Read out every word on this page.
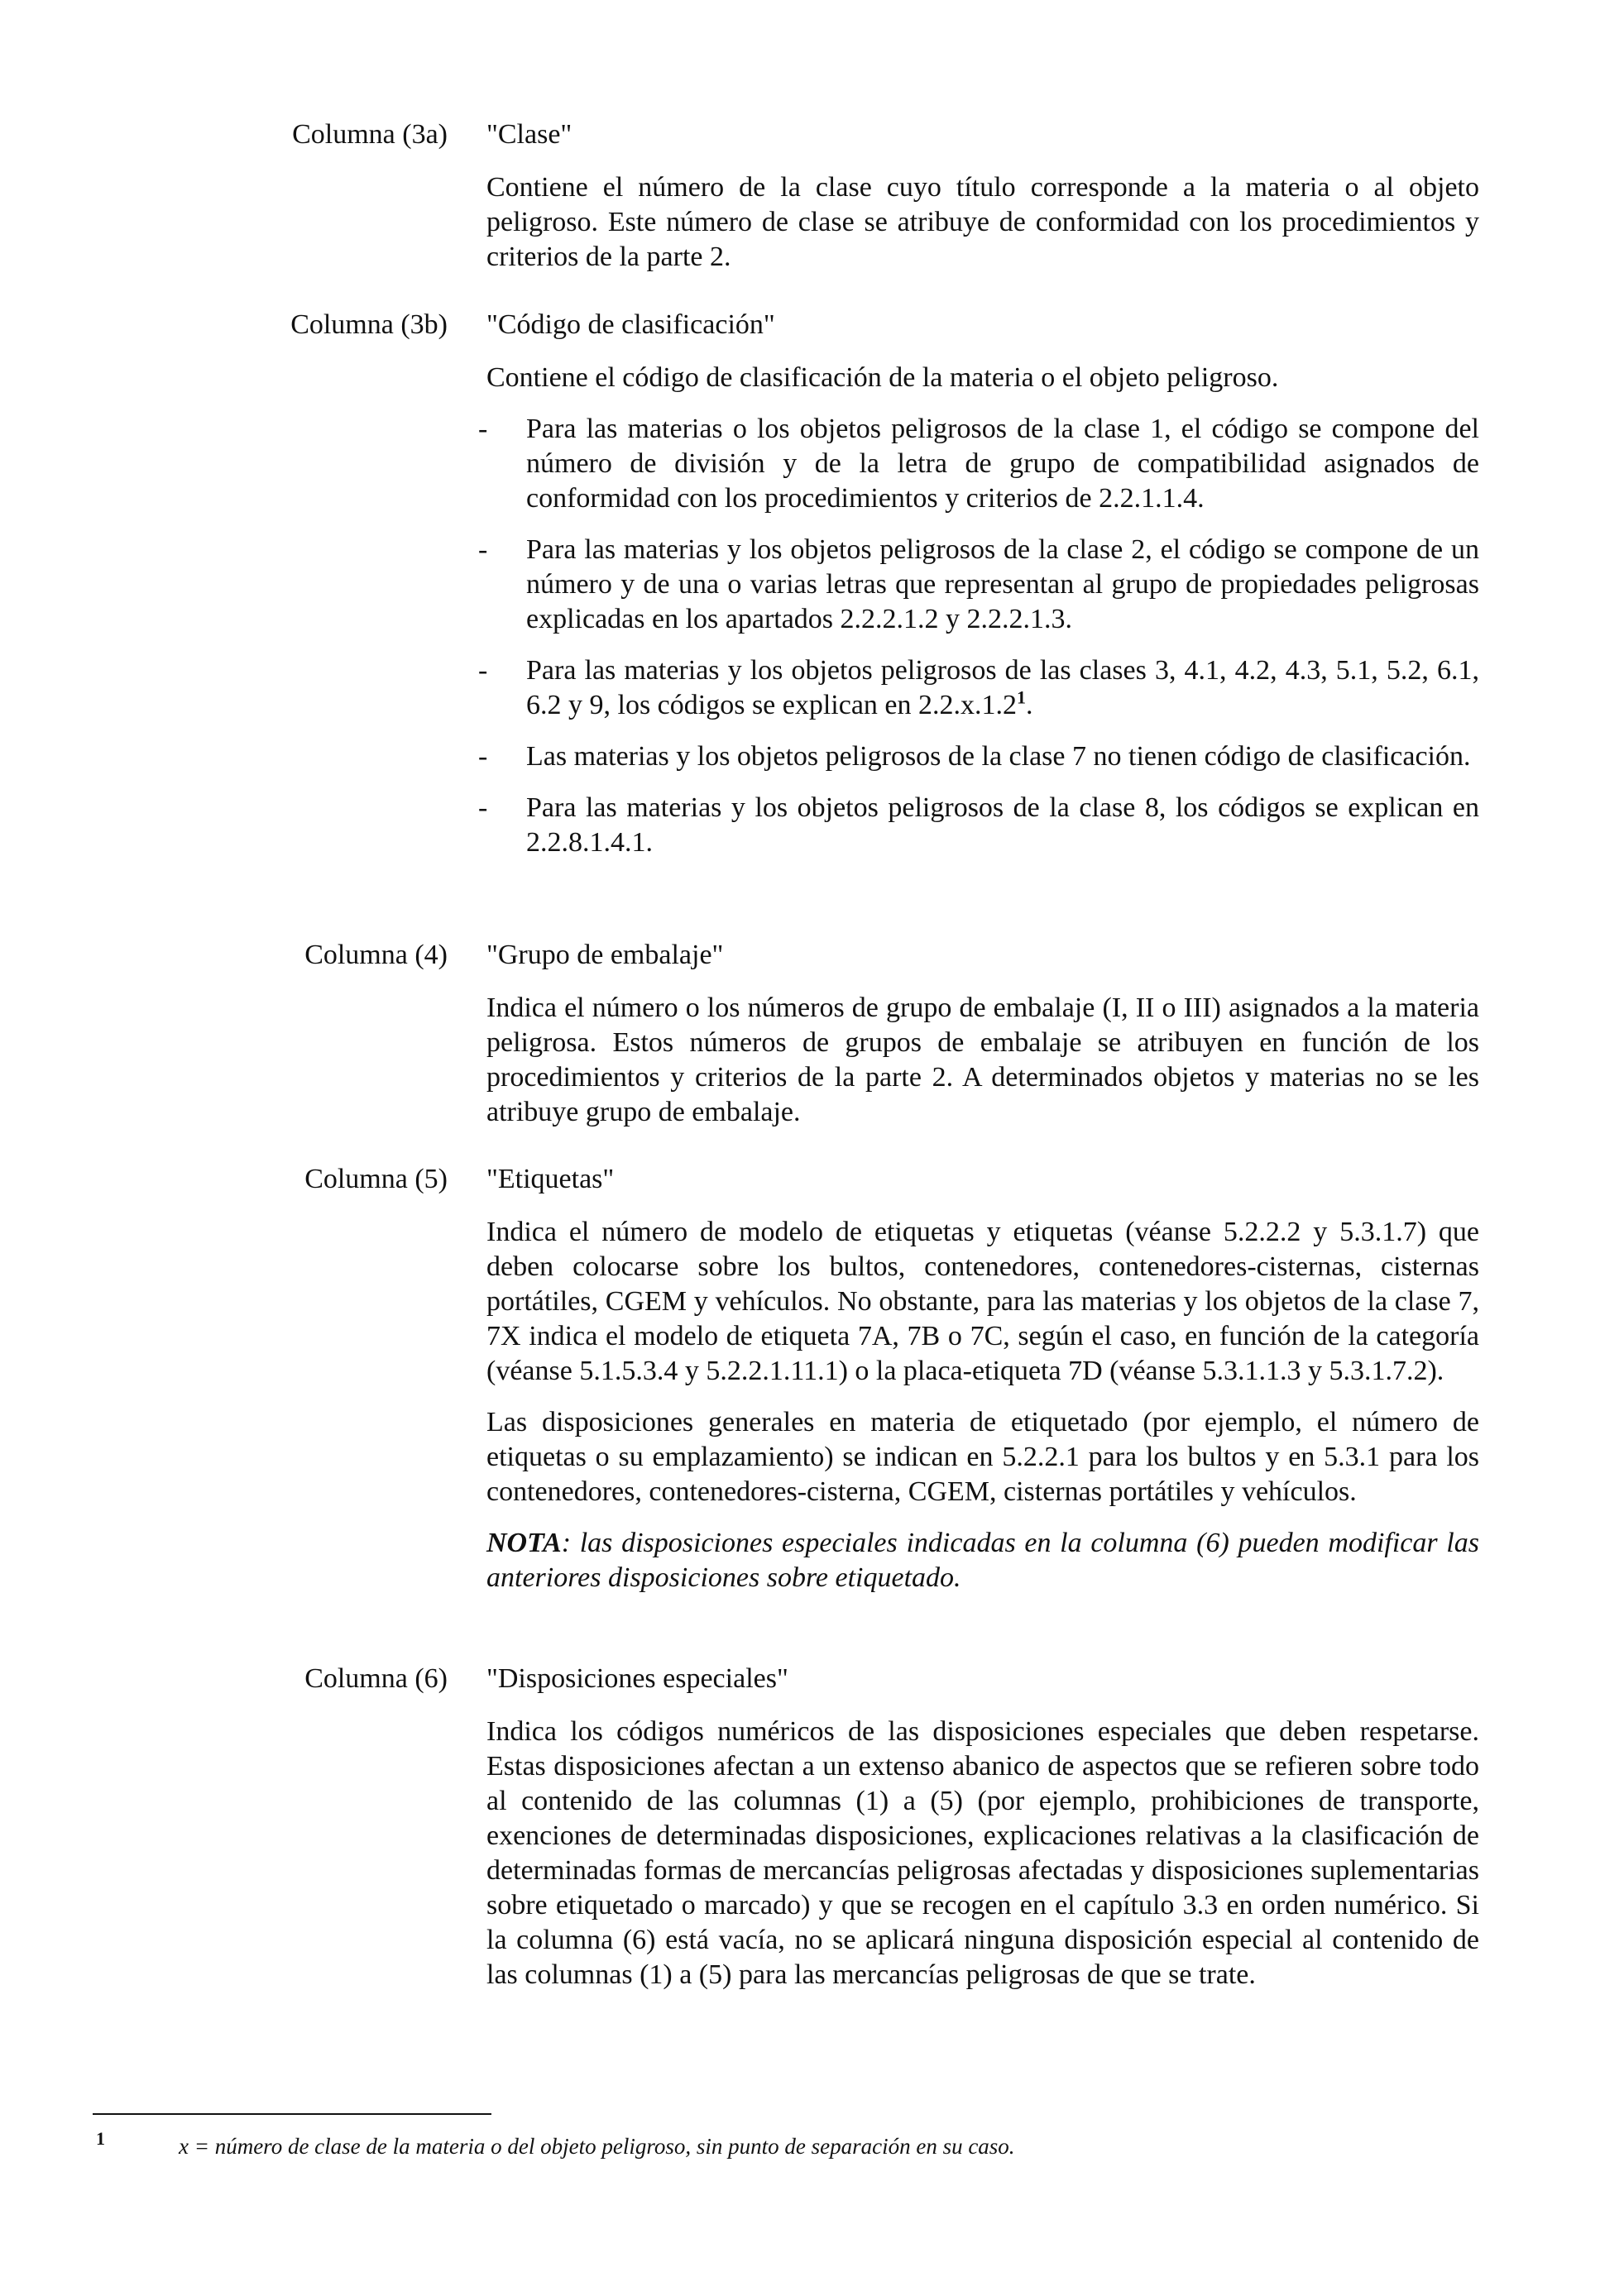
Columna (3a) "Clase"
Contiene el número de la clase cuyo título corresponde a la materia o al objeto peligroso. Este número de clase se atribuye de conformidad con los procedimientos y criterios de la parte 2.
Columna (3b) "Código de clasificación"
Contiene el código de clasificación de la materia o el objeto peligroso.
- Para las materias o los objetos peligrosos de la clase 1, el código se compone del número de división y de la letra de grupo de compatibilidad asignados de conformidad con los procedimientos y criterios de 2.2.1.1.4.
- Para las materias y los objetos peligrosos de la clase 2, el código se compone de un número y de una o varias letras que representan al grupo de propiedades peligrosas explicadas en los apartados 2.2.2.1.2 y 2.2.2.1.3.
- Para las materias y los objetos peligrosos de las clases 3, 4.1, 4.2, 4.3, 5.1, 5.2, 6.1, 6.2 y 9, los códigos se explican en 2.2.x.1.2$^1$.
- Las materias y los objetos peligrosos de la clase 7 no tienen código de clasificación.
- Para las materias y los objetos peligrosos de la clase 8, los códigos se explican en 2.2.8.1.4.1.
Columna (4) "Grupo de embalaje"
Indica el número o los números de grupo de embalaje (I, II o III) asignados a la materia peligrosa. Estos números de grupos de embalaje se atribuyen en función de los procedimientos y criterios de la parte 2. A determinados objetos y materias no se les atribuye grupo de embalaje.
Columna (5) "Etiquetas"
Indica el número de modelo de etiquetas y etiquetas (véanse 5.2.2.2 y 5.3.1.7) que deben colocarse sobre los bultos, contenedores, contenedores-cisternas, cisternas portátiles, CGEM y vehículos. No obstante, para las materias y los objetos de la clase 7, 7X indica el modelo de etiqueta 7A, 7B o 7C, según el caso, en función de la categoría (véanse 5.1.5.3.4 y 5.2.2.1.11.1) o la placa-etiqueta 7D (véanse 5.3.1.1.3 y 5.3.1.7.2).
Las disposiciones generales en materia de etiquetado (por ejemplo, el número de etiquetas o su emplazamiento) se indican en 5.2.2.1 para los bultos y en 5.3.1 para los contenedores, contenedores-cisterna, CGEM, cisternas portátiles y vehículos.
NOTA: las disposiciones especiales indicadas en la columna (6) pueden modificar las anteriores disposiciones sobre etiquetado.
Columna (6) "Disposiciones especiales"
Indica los códigos numéricos de las disposiciones especiales que deben respetarse. Estas disposiciones afectan a un extenso abanico de aspectos que se refieren sobre todo al contenido de las columnas (1) a (5) (por ejemplo, prohibiciones de transporte, exenciones de determinadas disposiciones, explicaciones relativas a la clasificación de determinadas formas de mercancías peligrosas afectadas y disposiciones suplementarias sobre etiquetado o marcado) y que se recogen en el capítulo 3.3 en orden numérico. Si la columna (6) está vacía, no se aplicará ninguna disposición especial al contenido de las columnas (1) a (5) para las mercancías peligrosas de que se trate.
1	x = número de clase de la materia o del objeto peligroso, sin punto de separación en su caso.
